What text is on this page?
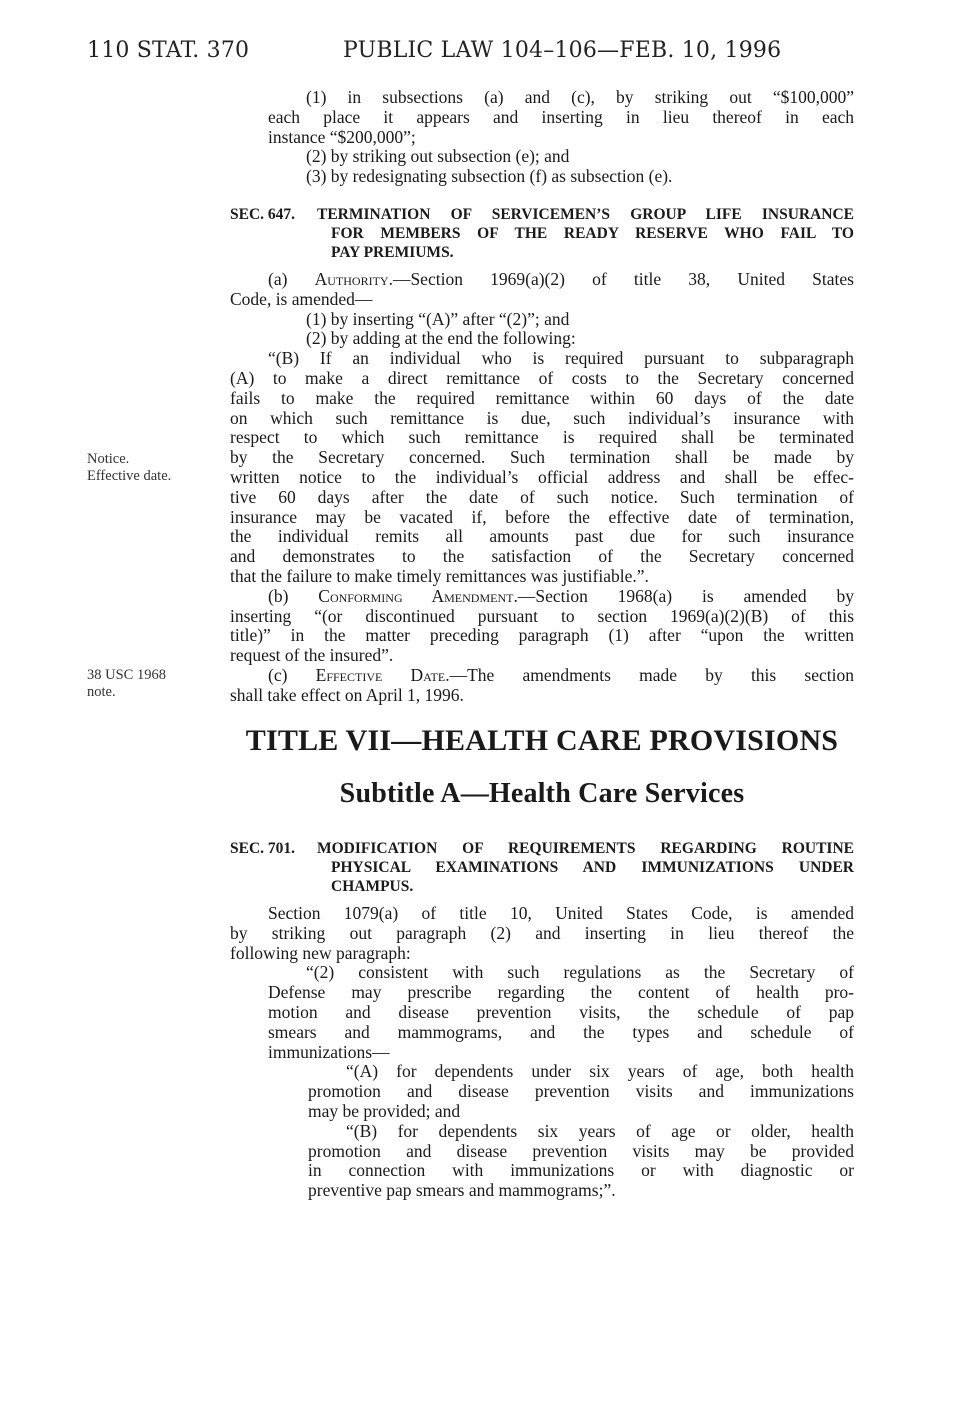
110 STAT. 370	PUBLIC LAW 104–106—FEB. 10, 1996
(1) in subsections (a) and (c), by striking out “$100,000”
each place it appears and inserting in lieu thereof in each
instance “$200,000”;
(2) by striking out subsection (e); and
(3) by redesignating subsection (f) as subsection (e).
SEC. 647. TERMINATION OF SERVICEMEN’S GROUP LIFE INSURANCE
FOR MEMBERS OF THE READY RESERVE WHO FAIL TO
PAY PREMIUMS.
(a) Authority.—Section 1969(a)(2) of title 38, United States
Code, is amended—
(1) by inserting “(A)” after “(2)”; and
(2) by adding at the end the following:
“(B) If an individual who is required pursuant to subparagraph
(A) to make a direct remittance of costs to the Secretary concerned
fails to make the required remittance within 60 days of the date
on which such remittance is due, such individual’s insurance with
respect to which such remittance is required shall be terminated
by the Secretary concerned. Such termination shall be made by
written notice to the individual’s official address and shall be effec-
tive 60 days after the date of such notice. Such termination of
insurance may be vacated if, before the effective date of termination,
the individual remits all amounts past due for such insurance
and demonstrates to the satisfaction of the Secretary concerned
that the failure to make timely remittances was justifiable.”.
(b) Conforming Amendment.—Section 1968(a) is amended by
inserting “(or discontinued pursuant to section 1969(a)(2)(B) of this
title)” in the matter preceding paragraph (1) after “upon the written
request of the insured”.
(c) Effective Date.—The amendments made by this section
shall take effect on April 1, 1996.
Notice.
Effective date.
38 USC 1968
note.
TITLE VII—HEALTH CARE PROVISIONS
Subtitle A—Health Care Services
SEC. 701. MODIFICATION OF REQUIREMENTS REGARDING ROUTINE
PHYSICAL EXAMINATIONS AND IMMUNIZATIONS UNDER
CHAMPUS.
Section 1079(a) of title 10, United States Code, is amended
by striking out paragraph (2) and inserting in lieu thereof the
following new paragraph:
“(2) consistent with such regulations as the Secretary of
Defense may prescribe regarding the content of health pro-
motion and disease prevention visits, the schedule of pap
smears and mammograms, and the types and schedule of
immunizations—
“(A) for dependents under six years of age, both health
promotion and disease prevention visits and immunizations
may be provided; and
“(B) for dependents six years of age or older, health
promotion and disease prevention visits may be provided
in connection with immunizations or with diagnostic or
preventive pap smears and mammograms;”.
